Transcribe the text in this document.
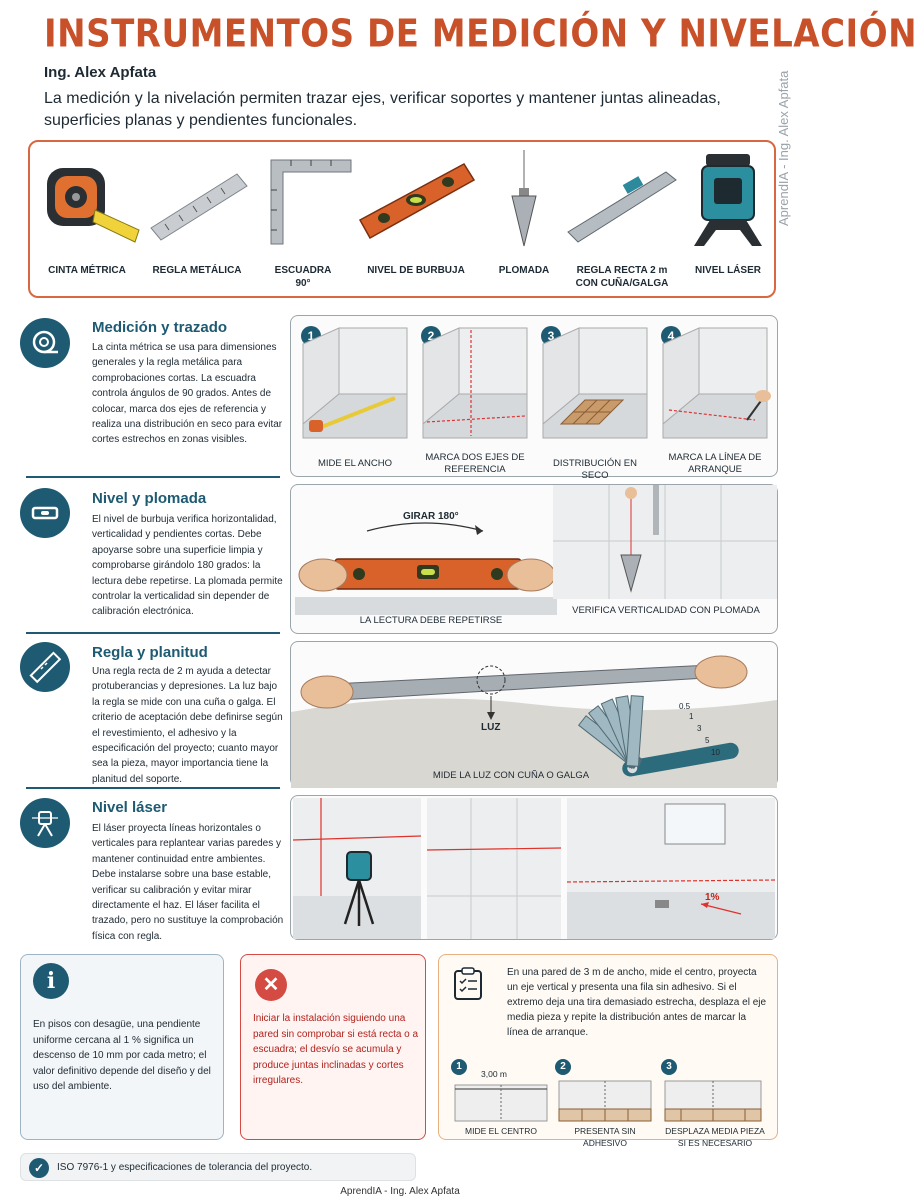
INSTRUMENTOS DE MEDICIÓN Y NIVELACIÓN
Ing. Alex Apfata
La medición y la nivelación permiten trazar ejes, verificar soportes y mantener juntas alineadas, superficies planas y pendientes funcionales.	AprendIA - Ing. Alex Apfata
CINTA MÉTRICA	REGLA METÁLICA	ESCUADRA 90°
NIVEL DE BURBUJA	PLOMADA	REGLA RECTA 2 m CON CUÑA/GALGA
NIVEL LÁSER
Medición y trazado
La cinta métrica se usa para dimensiones generales y la regla metálica para comprobaciones cortas. La escuadra controla ángulos de 90 grados. Antes de colocar, marca dos ejes de referencia y realiza una distribución en seco para evitar cortes estrechos en zonas visibles.
1
MIDE EL ANCHO
2
MARCA DOS EJES DE REFERENCIA
3
DISTRIBUCIÓN EN SECO
4
MARCA LA LÍNEA DE ARRANQUE
Nivel y plomada
El nivel de burbuja verifica horizontalidad, verticalidad y pendientes cortas. Debe apoyarse sobre una superficie limpia y comprobarse girándolo 180 grados: la lectura debe repetirse. La plomada permite controlar la verticalidad sin depender de calibración electrónica.
GIRAR 180°
LA LECTURA DEBE REPETIRSE
VERIFICA VERTICALIDAD CON PLOMADA
Regla y planitud
Una regla recta de 2 m ayuda a detectar protuberancias y depresiones. La luz bajo la regla se mide con una cuña o galga. El criterio de aceptación debe definirse según el revestimiento, el adhesivo y la especificación del proyecto; cuanto mayor sea la pieza, mayor importancia tiene la planitud del soporte.
LUZ
0.5
1
3
5
10
MIDE LA LUZ CON CUÑA O GALGA
Nivel láser
El láser proyecta líneas horizontales o verticales para replantear varias paredes y mantener continuidad entre ambientes. Debe instalarse sobre una base estable, verificar su calibración y evitar mirar directamente el haz. El láser facilita el trazado, pero no sustituye la comprobación física con regla.
1%
i
En pisos con desagüe, una pendiente uniforme cercana al 1 % significa un descenso de 10 mm por cada metro; el valor definitivo depende del diseño y del uso del ambiente.
✕
Iniciar la instalación siguiendo una pared sin comprobar si está recta o a escuadra; el desvío se acumula y produce juntas inclinadas y cortes irregulares.
En una pared de 3 m de ancho, mide el centro, proyecta un eje vertical y presenta una fila sin adhesivo. Si el extremo deja una tira demasiado estrecha, desplaza el eje media pieza y repite la distribución antes de marcar la línea de arranque.
1
3,00 m
MIDE EL CENTRO
2
PRESENTA SIN ADHESIVO
3
DESPLAZA MEDIA PIEZA SI ES NECESARIO
✓	ISO 7976-1 y especificaciones de tolerancia del proyecto.
AprendIA - Ing. Alex Apfata
